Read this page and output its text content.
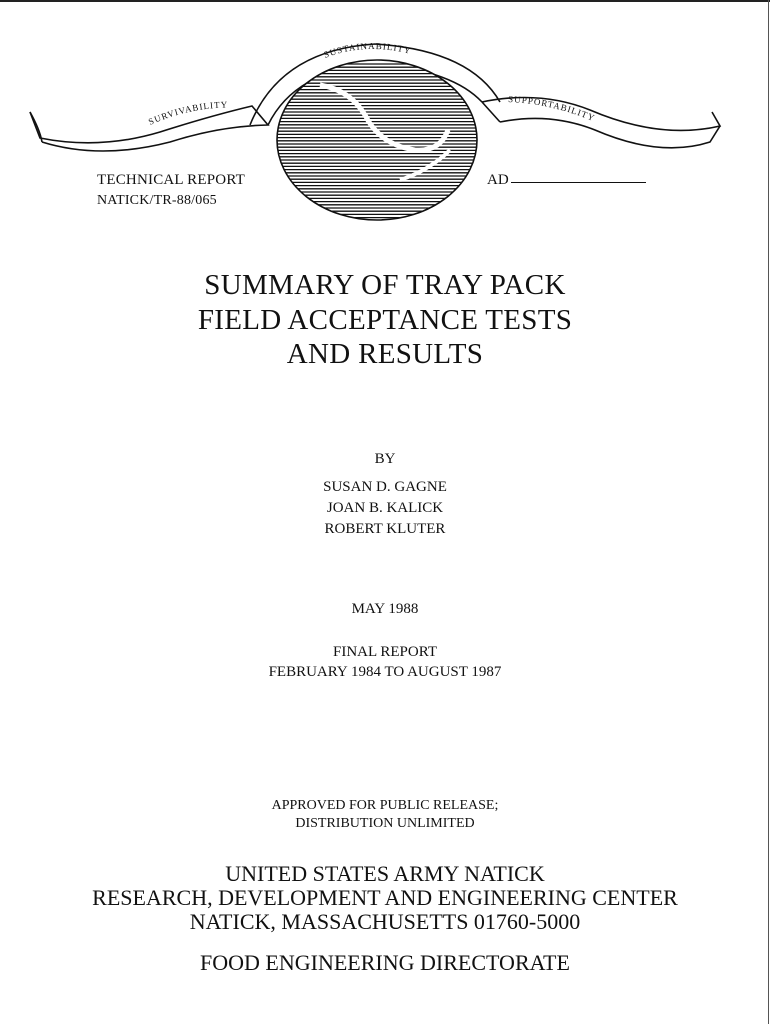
SUSTAINABILITY
SURVIVABILITY
SUPPORTABILITY
TECHNICAL REPORT
NATICK/TR-88/065
AD
SUMMARY OF TRAY PACK
FIELD ACCEPTANCE TESTS
AND RESULTS
BY
SUSAN D. GAGNE
JOAN B. KALICK
ROBERT KLUTER
MAY 1988
FINAL REPORT
FEBRUARY 1984 TO AUGUST 1987
APPROVED FOR PUBLIC RELEASE;
DISTRIBUTION UNLIMITED
UNITED STATES ARMY NATICK
RESEARCH, DEVELOPMENT AND ENGINEERING CENTER
NATICK, MASSACHUSETTS 01760-5000
FOOD ENGINEERING DIRECTORATE
